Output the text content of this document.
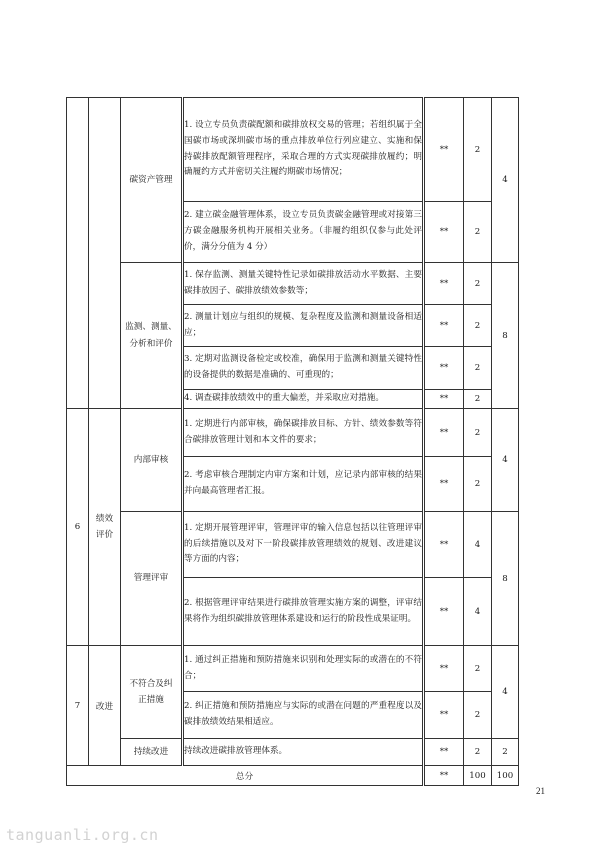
		碳资产管理	1. 设立专员负责碳配额和碳排放权交易的管理；若组织属于全国碳市场或深圳碳市场的重点排放单位行列应建立、实施和保持碳排放配额管理程序，采取合理的方式实现碳排放履约；明确履约方式并密切关注履约期碳市场情况；	**	2	4
			2. 建立碳金融管理体系，设立专员负责碳金融管理或对接第三方碳金融服务机构开展相关业务。（非履约组织仅参与此处评价，满分分值为 4 分）	**	2	
		监测、测量、分析和评价	1. 保存监测、测量关键特性记录如碳排放活动水平数据、主要碳排放因子、碳排放绩效参数等；	**	2	8
			2. 测量计划应与组织的规模、复杂程度及监测和测量设备相适应；	**	2	
			3. 定期对监测设备检定或校准，确保用于监测和测量关键特性的设备提供的数据是准确的、可重现的；	**	2	
			4. 调查碳排放绩效中的重大偏差，并采取应对措施。	**	2	
6	绩效评价	内部审核	1. 定期进行内部审核，确保碳排放目标、方针、绩效参数等符合碳排放管理计划和本文件的要求；	**	2	4
			2. 考虑审核合理制定内审方案和计划，应记录内部审核的结果并向最高管理者汇报。	**	2	
		管理评审	1. 定期开展管理评审，管理评审的输入信息包括以往管理评审的后续措施以及对下一阶段碳排放管理绩效的规划、改进建议等方面的内容；	**	4	8
			2. 根据管理评审结果进行碳排放管理实施方案的调整，评审结果将作为组织碳排放管理体系建设和运行的阶段性成果证明。	**	4	
7	改进	不符合及纠正措施	1. 通过纠正措施和预防措施来识别和处理实际的或潜在的不符合；	**	2	4
			2. 纠正措施和预防措施应与实际的或潜在问题的严重程度以及碳排放绩效结果相适应。	**	2	
		持续改进	持续改进碳排放管理体系。	**	2	2
总分				**	100	100
21
tanguanli.org.cn
